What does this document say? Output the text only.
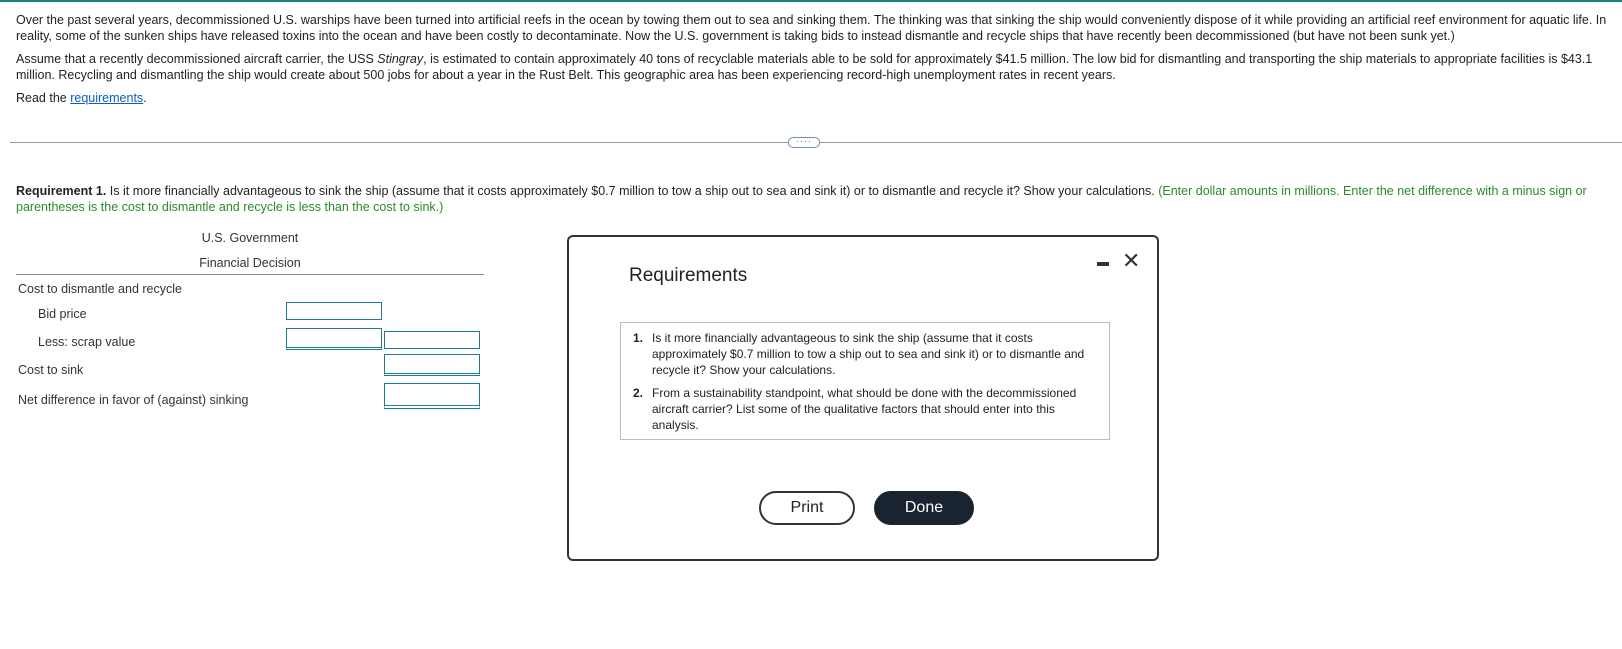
Over the past several years, decommissioned U.S. warships have been turned into artificial reefs in the ocean by towing them out to sea and sinking them. The thinking was that sinking the ship would conveniently dispose of it while providing an artificial reef environment for aquatic life. In reality, some of the sunken ships have released toxins into the ocean and have been costly to decontaminate. Now the U.S. government is taking bids to instead dismantle and recycle ships that have recently been decommissioned (but have not been sunk yet.)

Assume that a recently decommissioned aircraft carrier, the USS Stingray, is estimated to contain approximately 40 tons of recyclable materials able to be sold for approximately $41.5 million. The low bid for dismantling and transporting the ship materials to appropriate facilities is $43.1 million. Recycling and dismantling the ship would create about 500 jobs for about a year in the Rust Belt. This geographic area has been experiencing record-high unemployment rates in recent years.

Read the requirements.

····
Requirement 1. Is it more financially advantageous to sink the ship (assume that it costs approximately $0.7 million to tow a ship out to sea and sink it) or to dismantle and recycle it? Show your calculations. (Enter dollar amounts in millions. Enter the net difference with a minus sign or parentheses is the cost to dismantle and recycle is less than the cost to sink.)
U.S. Government
Financial Decision
Cost to dismantle and recycle
Bid price
Less: scrap value
Cost to sink
Net difference in favor of (against) sinking
Requirements
✕
1. Is it more financially advantageous to sink the ship (assume that it costs approximately $0.7 million to tow a ship out to sea and sink it) or to dismantle and recycle it? Show your calculations.
2. From a sustainability standpoint, what should be done with the decommissioned aircraft carrier? List some of the qualitative factors that should enter into this analysis.
Print	Done
